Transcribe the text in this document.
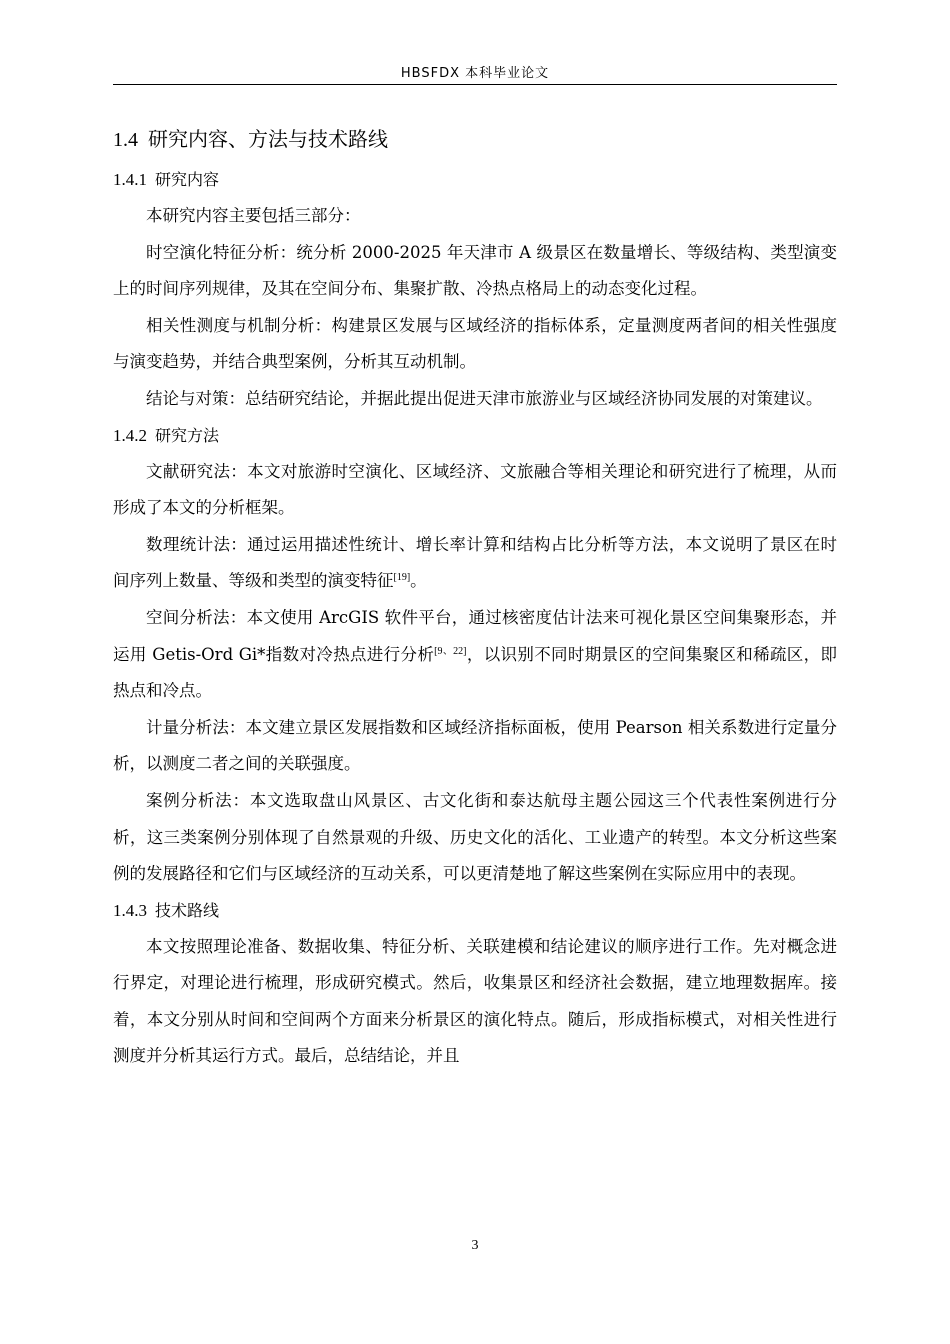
HBSFDX 本科毕业论文
1.4 研究内容、方法与技术路线
1.4.1 研究内容

本研究内容主要包括三部分：

时空演化特征分析：统分析 2000-2025 年天津市 A 级景区在数量增长、等级结构、类型演变上的时间序列规律，及其在空间分布、集聚扩散、冷热点格局上的动态变化过程。

相关性测度与机制分析：构建景区发展与区域经济的指标体系，定量测度两者间的相关性强度与演变趋势，并结合典型案例，分析其互动机制。

结论与对策：总结研究结论，并据此提出促进天津市旅游业与区域经济协同发展的对策建议。

1.4.2 研究方法

文献研究法：本文对旅游时空演化、区域经济、文旅融合等相关理论和研究进行了梳理，从而形成了本文的分析框架。

数理统计法：通过运用描述性统计、增长率计算和结构占比分析等方法，本文说明了景区在时间序列上数量、等级和类型的演变特征[19]。

空间分析法：本文使用 ArcGIS 软件平台，通过核密度估计法来可视化景区空间集聚形态，并运用 Getis-Ord Gi*指数对冷热点进行分析[9、22]，以识别不同时期景区的空间集聚区和稀疏区，即热点和冷点。

计量分析法：本文建立景区发展指数和区域经济指标面板，使用 Pearson 相关系数进行定量分析，以测度二者之间的关联强度。

案例分析法：本文选取盘山风景区、古文化街和泰达航母主题公园这三个代表性案例进行分析，这三类案例分别体现了自然景观的升级、历史文化的活化、工业遗产的转型。本文分析这些案例的发展路径和它们与区域经济的互动关系，可以更清楚地了解这些案例在实际应用中的表现。

1.4.3 技术路线

本文按照理论准备、数据收集、特征分析、关联建模和结论建议的顺序进行工作。先对概念进行界定，对理论进行梳理，形成研究模式。然后，收集景区和经济社会数据，建立地理数据库。接着，本文分别从时间和空间两个方面来分析景区的演化特点。随后，形成指标模式，对相关性进行测度并分析其运行方式。最后，总结结论，并且

3
